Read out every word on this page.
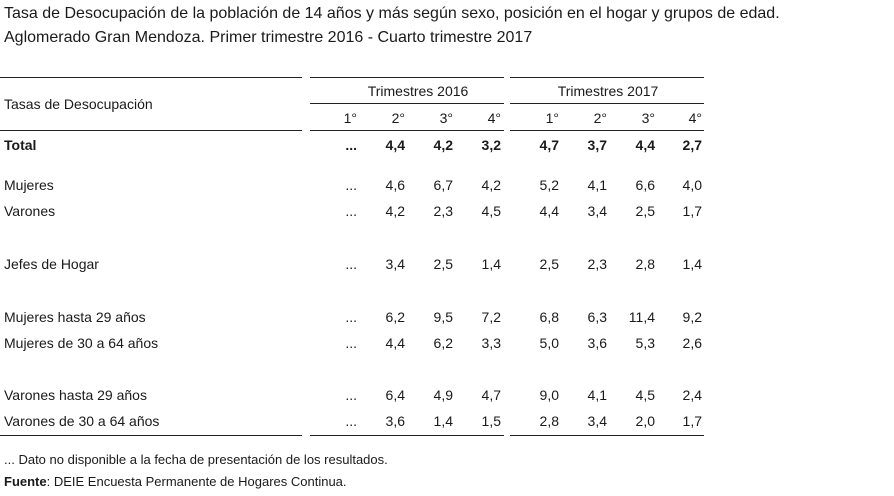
Tasa de Desocupación de la población de 14 años y más según sexo, posición en el hogar y grupos de edad.
Aglomerado Gran Mendoza. Primer trimestre 2016 - Cuarto trimestre 2017
Tasas de Desocupación
Trimestres 2016	Trimestres 2017
1°	2°	3°	4°	1°	2°	3°	4°
Total	...	4,4	4,2	3,2	4,7	3,7	4,4	2,7
Mujeres	...	4,6	6,7	4,2	5,2	4,1	6,6	4,0
Varones	...	4,2	2,3	4,5	4,4	3,4	2,5	1,7
Jefes de Hogar	...	3,4	2,5	1,4	2,5	2,3	2,8	1,4
Mujeres hasta 29 años	...	6,2	9,5	7,2	6,8	6,3	11,4	9,2
Mujeres de 30 a 64 años	...	4,4	6,2	3,3	5,0	3,6	5,3	2,6
Varones hasta 29 años	...	6,4	4,9	4,7	9,0	4,1	4,5	2,4
Varones de 30 a 64 años	...	3,6	1,4	1,5	2,8	3,4	2,0	1,7
... Dato no disponible a la fecha de presentación de los resultados.
Fuente: DEIE Encuesta Permanente de Hogares Continua.
